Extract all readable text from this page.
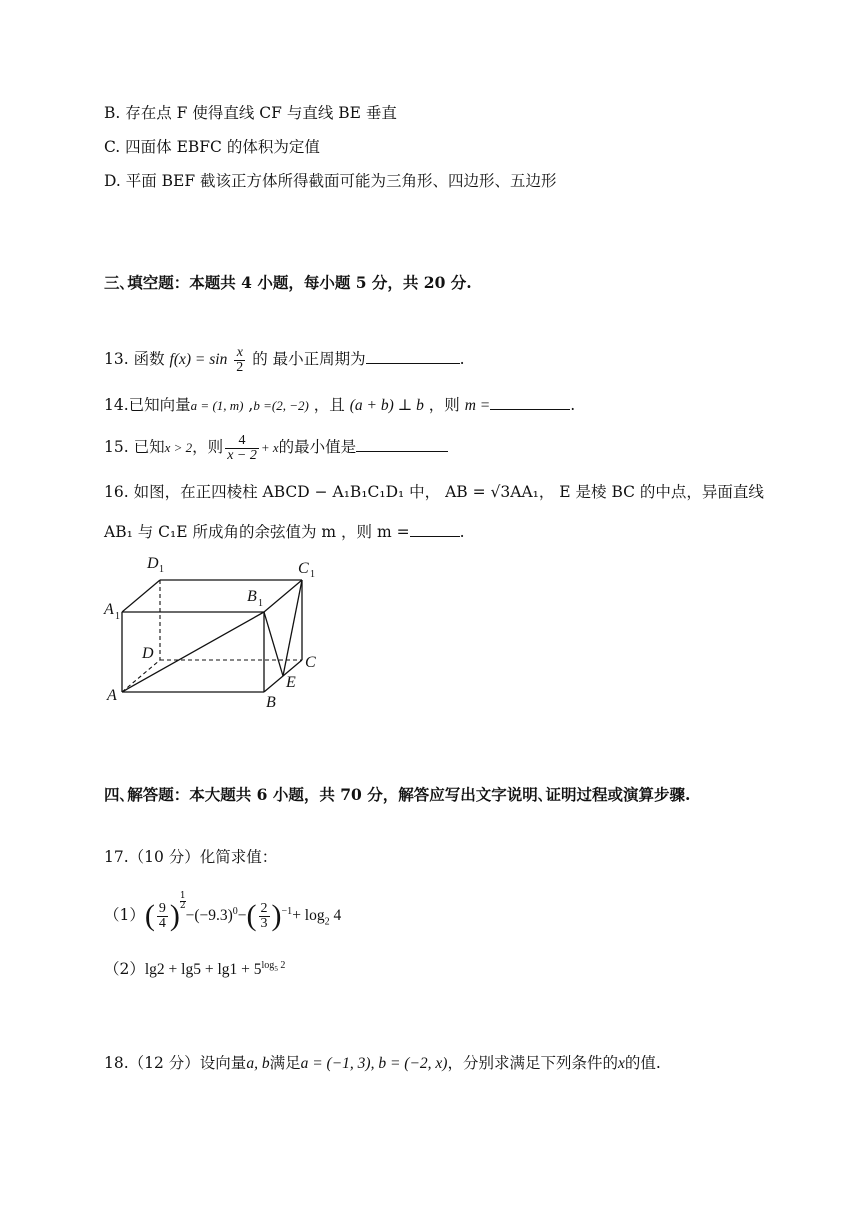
B. 存在点 F 使得直线 CF 与直线 BE 垂直
C. 四面体 EBFC 的体积为定值
D. 平面 BEF 截该正方体所得截面可能为三角形、四边形、五边形
三､填空题：本题共 4 小题，每小题 5 分，共 20 分.
13. 函数 $f(x) = \sin \frac{x}{2}$ 的 最小正周期为	.
14.已知向量a = (1, m) ,b =(2, −2) ，且 (a + b) ⊥ b ，则 m =	.
15. 已知x > 2，则 $\frac{4}{x - 2} + x$的最小值是
16. 如图，在正四棱柱 ABCD − A₁B₁C₁D₁ 中， AB = √3AA₁， E 是棱 BC 的中点，异面直线
AB₁ 与 C₁E 所成角的余弦值为 m ，则 m =	.
D 1	C 1
A 1
B 1
D
C
A	B
E
四､解答题：本大题共 6 小题，共 70 分，解答应写出文字说明､证明过程或演算步骤.
17.（10 分）化简求值：
$(1)( \frac{9}{4}$ ) $\frac{1}{2}$
$-(-9.3)^0-( \frac{2}{3} )^{-1}+ \log_2 4$
$(2)\lg 2 + \lg 5 + \lg 1 + 5^{log_5 2}$
18.（12 分）设向量a, b满足a = (−1, 3), b = (−2, x)，分别求满足下列条件的x的值.
